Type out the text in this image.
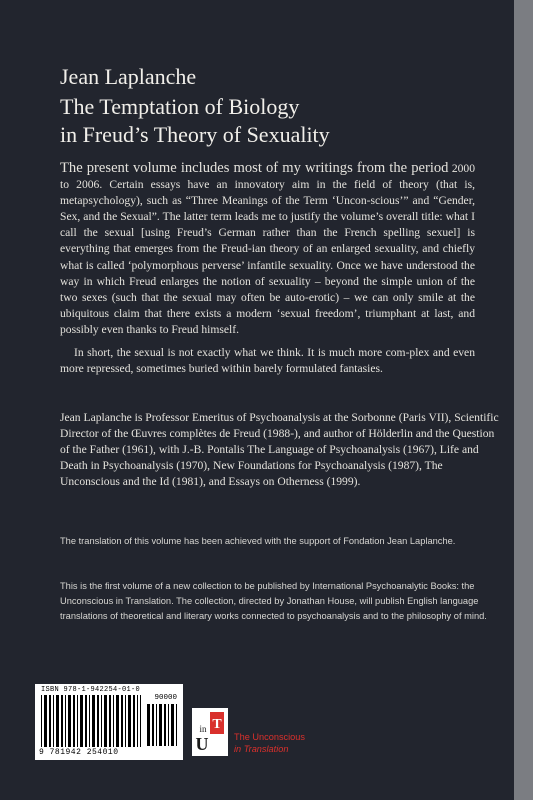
Jean Laplanche
The Temptation of Biology
in Freud’s Theory of Sexuality

The present volume includes most of my writings from the period 2000 to 2006. Certain essays have an innovatory aim in the field of theory (that is, metapsychology), such as “Three Meanings of the Term ‘Uncon-scious’” and “Gender, Sex, and the Sexual”. The latter term leads me to justify the volume’s overall title: what I call the sexual [using Freud’s German rather than the French spelling sexuel] is everything that emerges from the Freud-ian theory of an enlarged sexuality, and chiefly what is called ‘polymorphous perverse’ infantile sexuality. Once we have understood the way in which Freud enlarges the notion of sexuality – beyond the simple union of the two sexes (such that the sexual may often be auto-erotic) – we can only smile at the ubiquitous claim that there exists a modern ‘sexual freedom’, triumphant at last, and possibly even thanks to Freud himself.

In short, the sexual is not exactly what we think. It is much more com-plex and even more repressed, sometimes buried within barely formulated fantasies.

Jean Laplanche is Professor Emeritus of Psychoanalysis at the Sorbonne (Paris VII), Scientific Director of the Œuvres complètes de Freud (1988-), and author of Hölderlin and the Question of the Father (1961), with J.-B. Pontalis The Language of Psychoanalysis (1967), Life and Death in Psychoanalysis (1970), New Foundations for Psychoanalysis (1987), The Unconscious and the Id (1981), and Essays on Otherness (1999).

The translation of this volume has been achieved with the support of Fondation Jean Laplanche.

This is the first volume of a new collection to be published by International Psychoanalytic Books: the Unconscious in Translation. The collection, directed by Jonathan House, will publish English language translations of theoretical and literary works connected to psychoanalysis and to the philosophy of mind.

ISBN 978-1-942254-01-0
90000
9 781942 254010
T
in
U	The Unconscious
in Translation
